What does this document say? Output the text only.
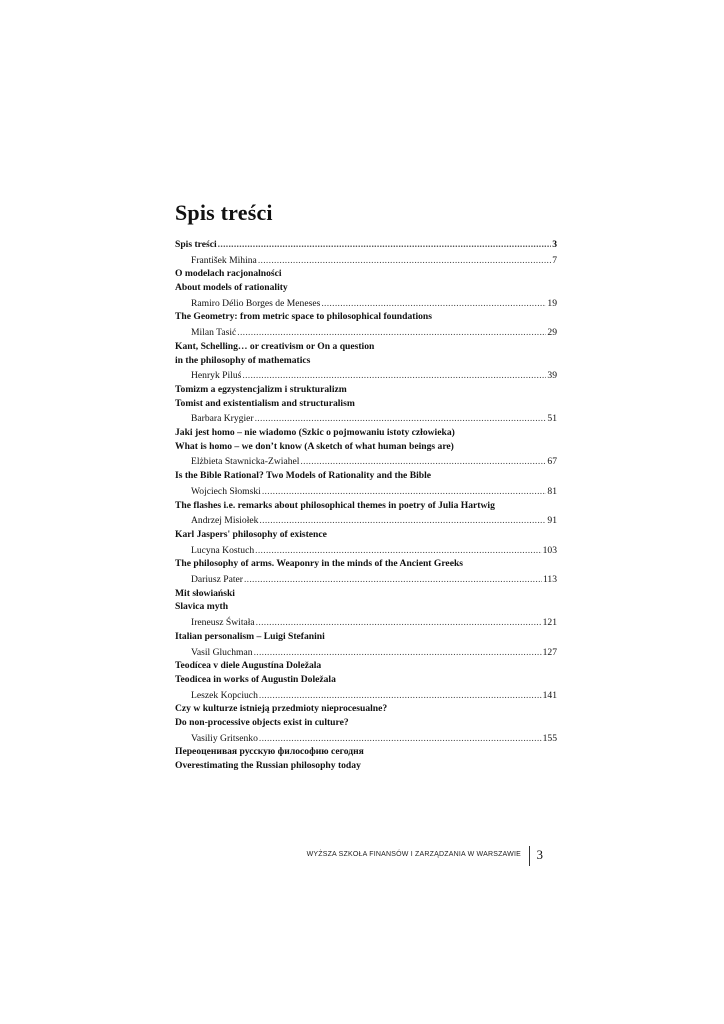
Spis treści
Spis treści .....	3
František Mihina .....	7
O modelach racjonalności
About models of rationality
Ramiro Délio Borges de Meneses .....	19
The Geometry: from metric space to philosophical foundations
Milan Tasić .....	29
Kant, Schelling… or creativism or On a question
in the philosophy of mathematics
Henryk Piluś .....	39
Tomizm a egzystencjalizm i strukturalizm
Tomist and existentialism and structuralism
Barbara Krygier .....	51
Jaki jest homo – nie wiadomo (Szkic o pojmowaniu istoty człowieka)
What is homo – we don’t know (A sketch of what human beings are)
Elżbieta Stawnicka-Zwiahel .....	67
Is the Bible Rational? Two Models of Rationality and the Bible
Wojciech Słomski .....	81
The flashes i.e. remarks about philosophical themes in poetry of Julia Hartwig
Andrzej Misiołek .....	91
Karl Jaspers' philosophy of existence
Lucyna Kostuch .....	103
The philosophy of arms. Weaponry in the minds of the Ancient Greeks
Dariusz Pater .....	113
Mit słowiański
Slavica myth
Ireneusz Świtała .....	121
Italian personalism – Luigi Stefanini
Vasil Gluchman .....	127
Teodícea v diele Augustína Doležala
Teodicea in works of Augustin Doležala
Leszek Kopciuch .....	141
Czy w kulturze istnieją przedmioty nieprocesualne?
Do non-processive objects exist in culture?
Vasiliy Gritsenko .....	155
Переоценивая русскую философию сегодня
Overestimating the Russian philosophy today
WYŻSZA SZKOŁA FINANSÓW I ZARZĄDZANIA W WARSZAWIE 3
